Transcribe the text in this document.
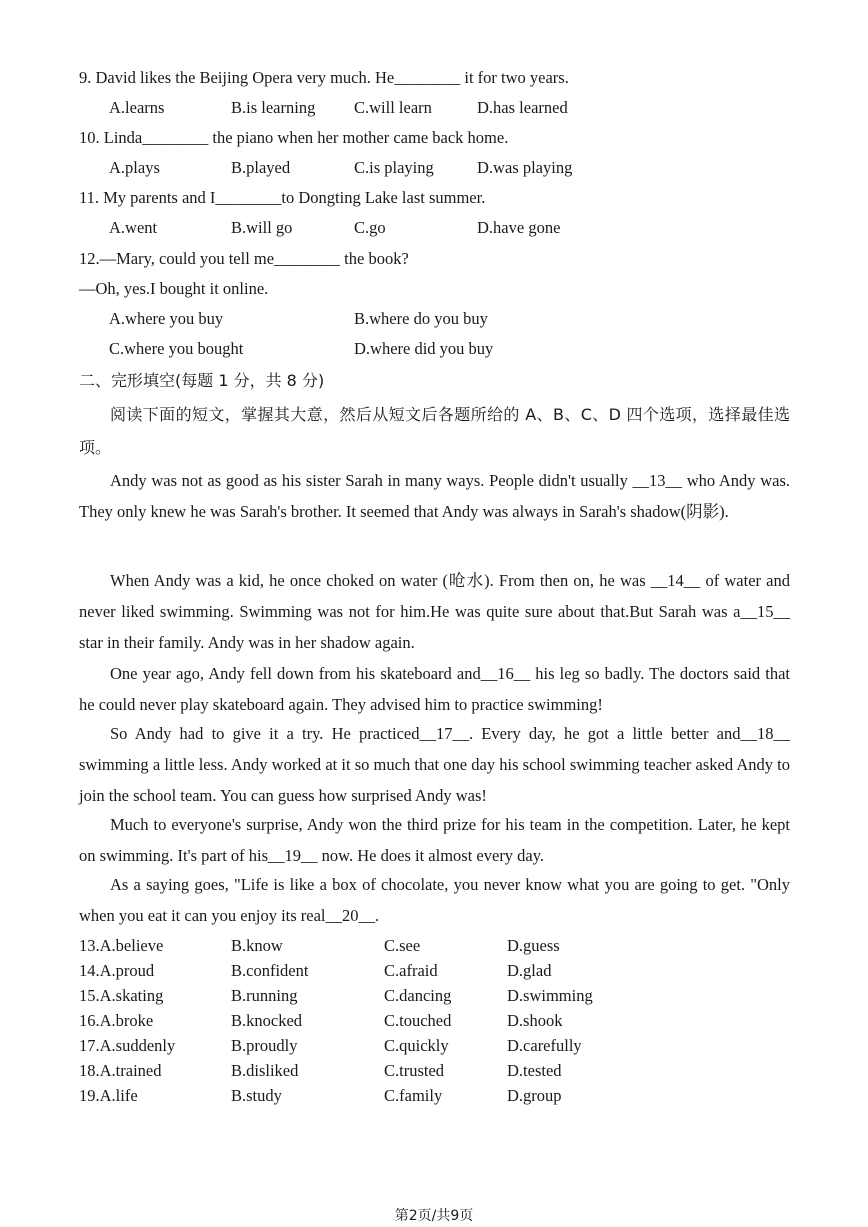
9. David likes the Beijing Opera very much. He________ it for two years.
A.learns	B.is learning C.will learn	D.has learned
10. Linda________ the piano when her mother came back home.
A.plays	B.played	C.is playing	D.was playing
11. My parents and I________to Dongting Lake last summer.
A.went	B.will go	C.go	D.have gone
12.—Mary, could you tell me________ the book?
—Oh, yes.I bought it online.
A.where you buy	B.where do you buy
C.where you bought	D.where did you buy
二、完形填空(每题 1 分，共 8 分)
阅读下面的短文，掌握其大意，然后从短文后各题所给的 A、B、C、D 四个选项，选择最佳选项。
Andy was not as good as his sister Sarah in many ways. People didn't usually __13__ who Andy was. They only knew he was Sarah's brother. It seemed that Andy was always in Sarah's shadow(阴影).
When Andy was a kid, he once choked on water (呛水). From then on, he was __14__ of water and never liked swimming. Swimming was not for him.He was quite sure about that.But Sarah was a__15__ star in their family. Andy was in her shadow again.
One year ago, Andy fell down from his skateboard and__16__ his leg so badly. The doctors said that he could never play skateboard again. They advised him to practice swimming!
So Andy had to give it a try. He practiced__17__. Every day, he got a little better and__18__ swimming a little less. Andy worked at it so much that one day his school swimming teacher asked Andy to join the school team. You can guess how surprised Andy was!
Much to everyone's surprise, Andy won the third prize for his team in the competition. Later, he kept on swimming. It's part of his__19__ now. He does it almost every day.
As a saying goes, "Life is like a box of chocolate, you never know what you are going to get. "Only when you eat it can you enjoy its real__20__.
13.A.believe	B.know	C.see	D.guess
14.A.proud	B.confident	C.afraid	D.glad
15.A.skating	B.running	C.dancing	D.swimming
16.A.broke	B.knocked	C.touched	D.shook
17.A.suddenly	B.proudly	C.quickly	D.carefully
18.A.trained	B.disliked	C.trusted	D.tested
19.A.life	B.study	C.family	D.group
第2页/共9页
